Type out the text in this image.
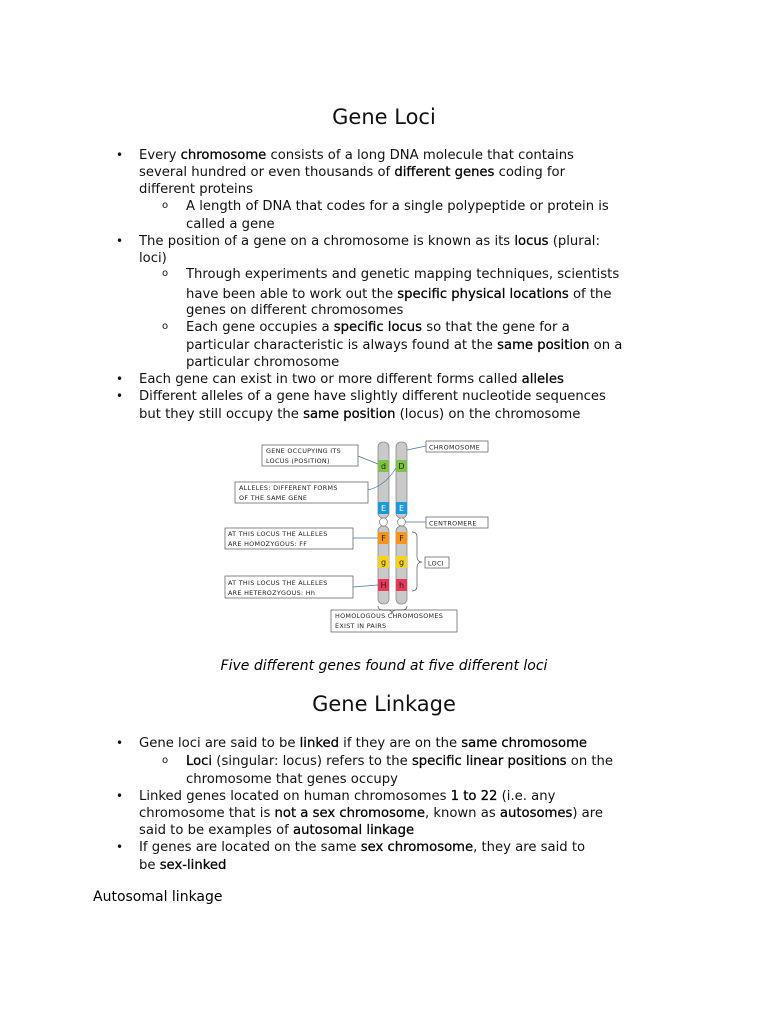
Gene Loci
• Every chromosome consists of a long DNA molecule that contains
several hundred or even thousands of different genes coding for
different proteins
o A length of DNA that codes for a single polypeptide or protein is
called a gene
• The position of a gene on a chromosome is known as its locus (plural:
loci)
o Through experiments and genetic mapping techniques, scientists
have been able to work out the specific physical locations of the
genes on different chromosomes
o Each gene occupies a specific locus so that the gene for a
particular characteristic is always found at the same position on a
particular chromosome
• Each gene can exist in two or more different forms called alleles
• Different alleles of a gene have slightly different nucleotide sequences
but they still occupy the same position (locus) on the chromosome
d
E
F
g
H
D
E
F
g
h
GENE OCCUPYING ITS
LOCUS (POSITION)
ALLELES: DIFFERENT FORMS
OF THE SAME GENE
AT THIS LOCUS THE ALLELES
ARE HOMOZYGOUS: FF
AT THIS LOCUS THE ALLELES
ARE HETEROZYGOUS: Hh
CHROMOSOME
CENTROMERE
LOCI
HOMOLOGOUS CHROMOSOMES
EXIST IN PAIRS
Five different genes found at five different loci
Gene Linkage
• Gene loci are said to be linked if they are on the same chromosome
o Loci (singular: locus) refers to the specific linear positions on the
chromosome that genes occupy
• Linked genes located on human chromosomes 1 to 22 (i.e. any
chromosome that is not a sex chromosome, known as autosomes) are
said to be examples of autosomal linkage
• If genes are located on the same sex chromosome, they are said to
be sex-linked
Autosomal linkage
